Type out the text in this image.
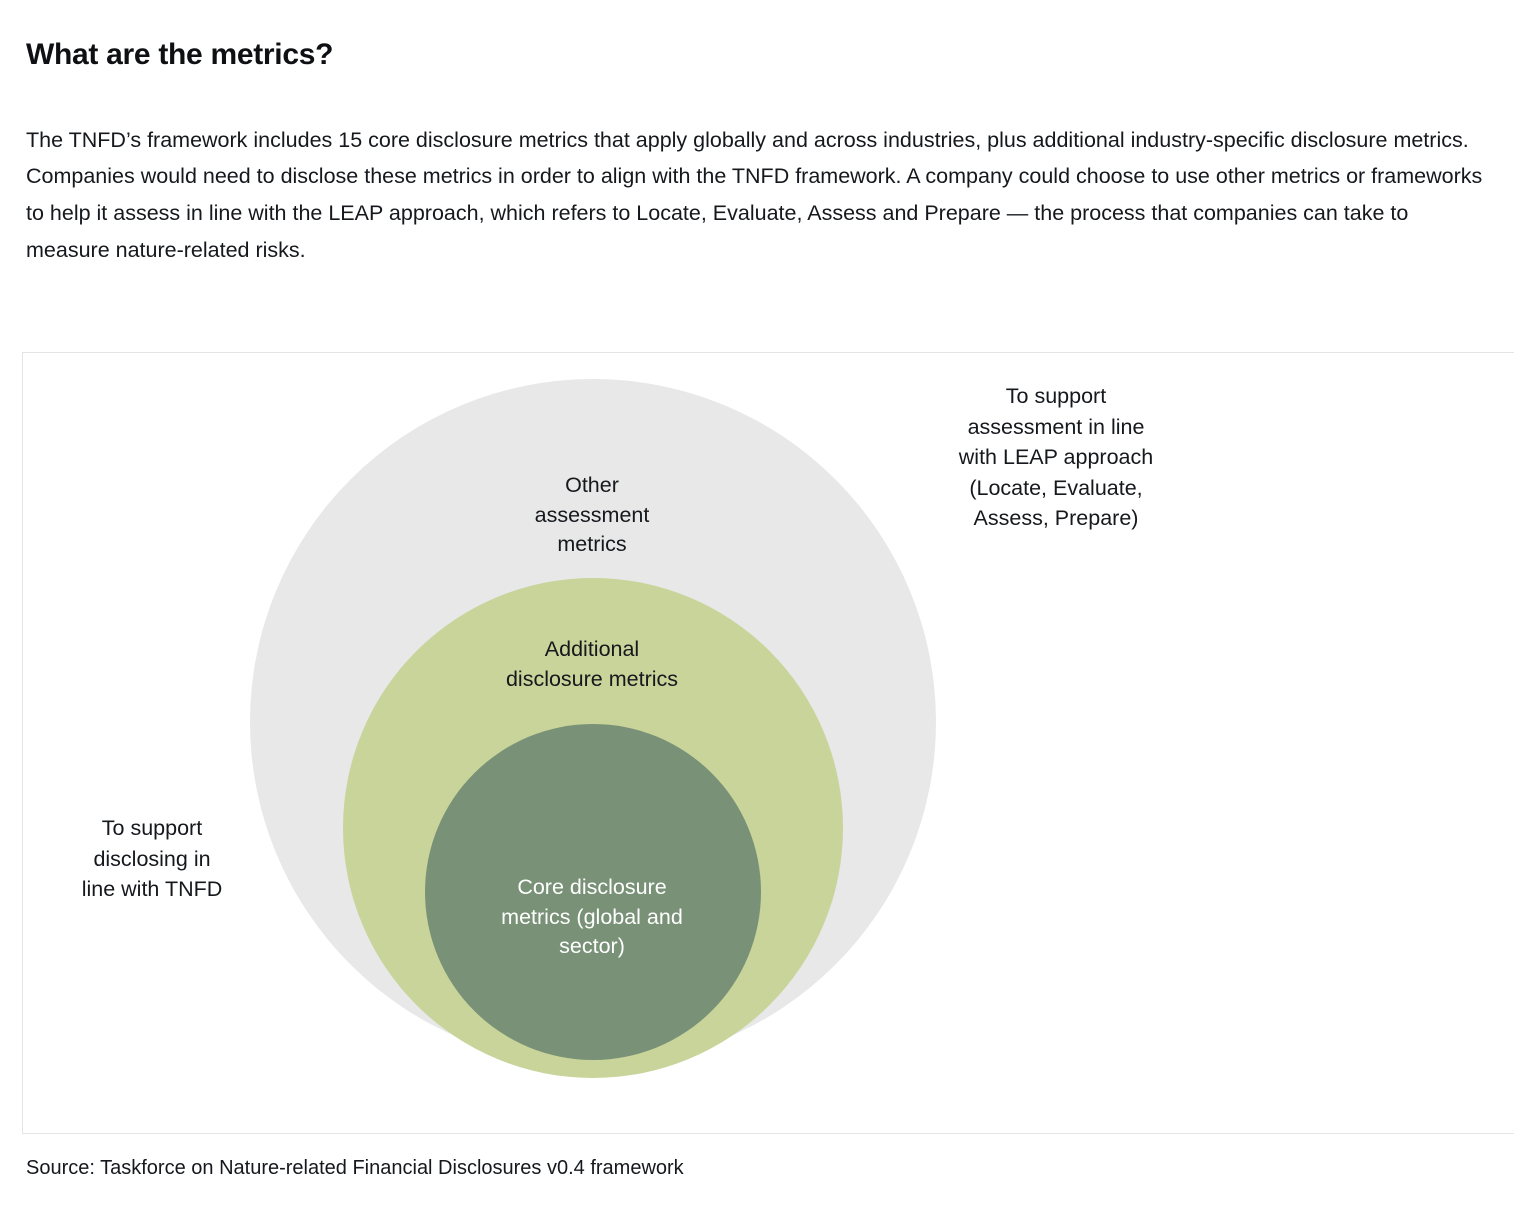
What are the metrics?

The TNFD’s framework includes 15 core disclosure metrics that apply globally and across industries, plus additional industry-specific disclosure metrics. Companies would need to disclose these metrics in order to align with the TNFD framework. A company could choose to use other metrics or frameworks to help it assess in line with the LEAP approach, which refers to Locate, Evaluate, Assess and Prepare — the process that companies can take to measure nature-related risks.

Other
assessment
metrics
Additional
disclosure metrics
Core disclosure
metrics (global and
sector)
To support
assessment in line
with LEAP approach
(Locate, Evaluate,
Assess, Prepare)
To support
disclosing in
line with TNFD
Source: Taskforce on Nature-related Financial Disclosures v0.4 framework
